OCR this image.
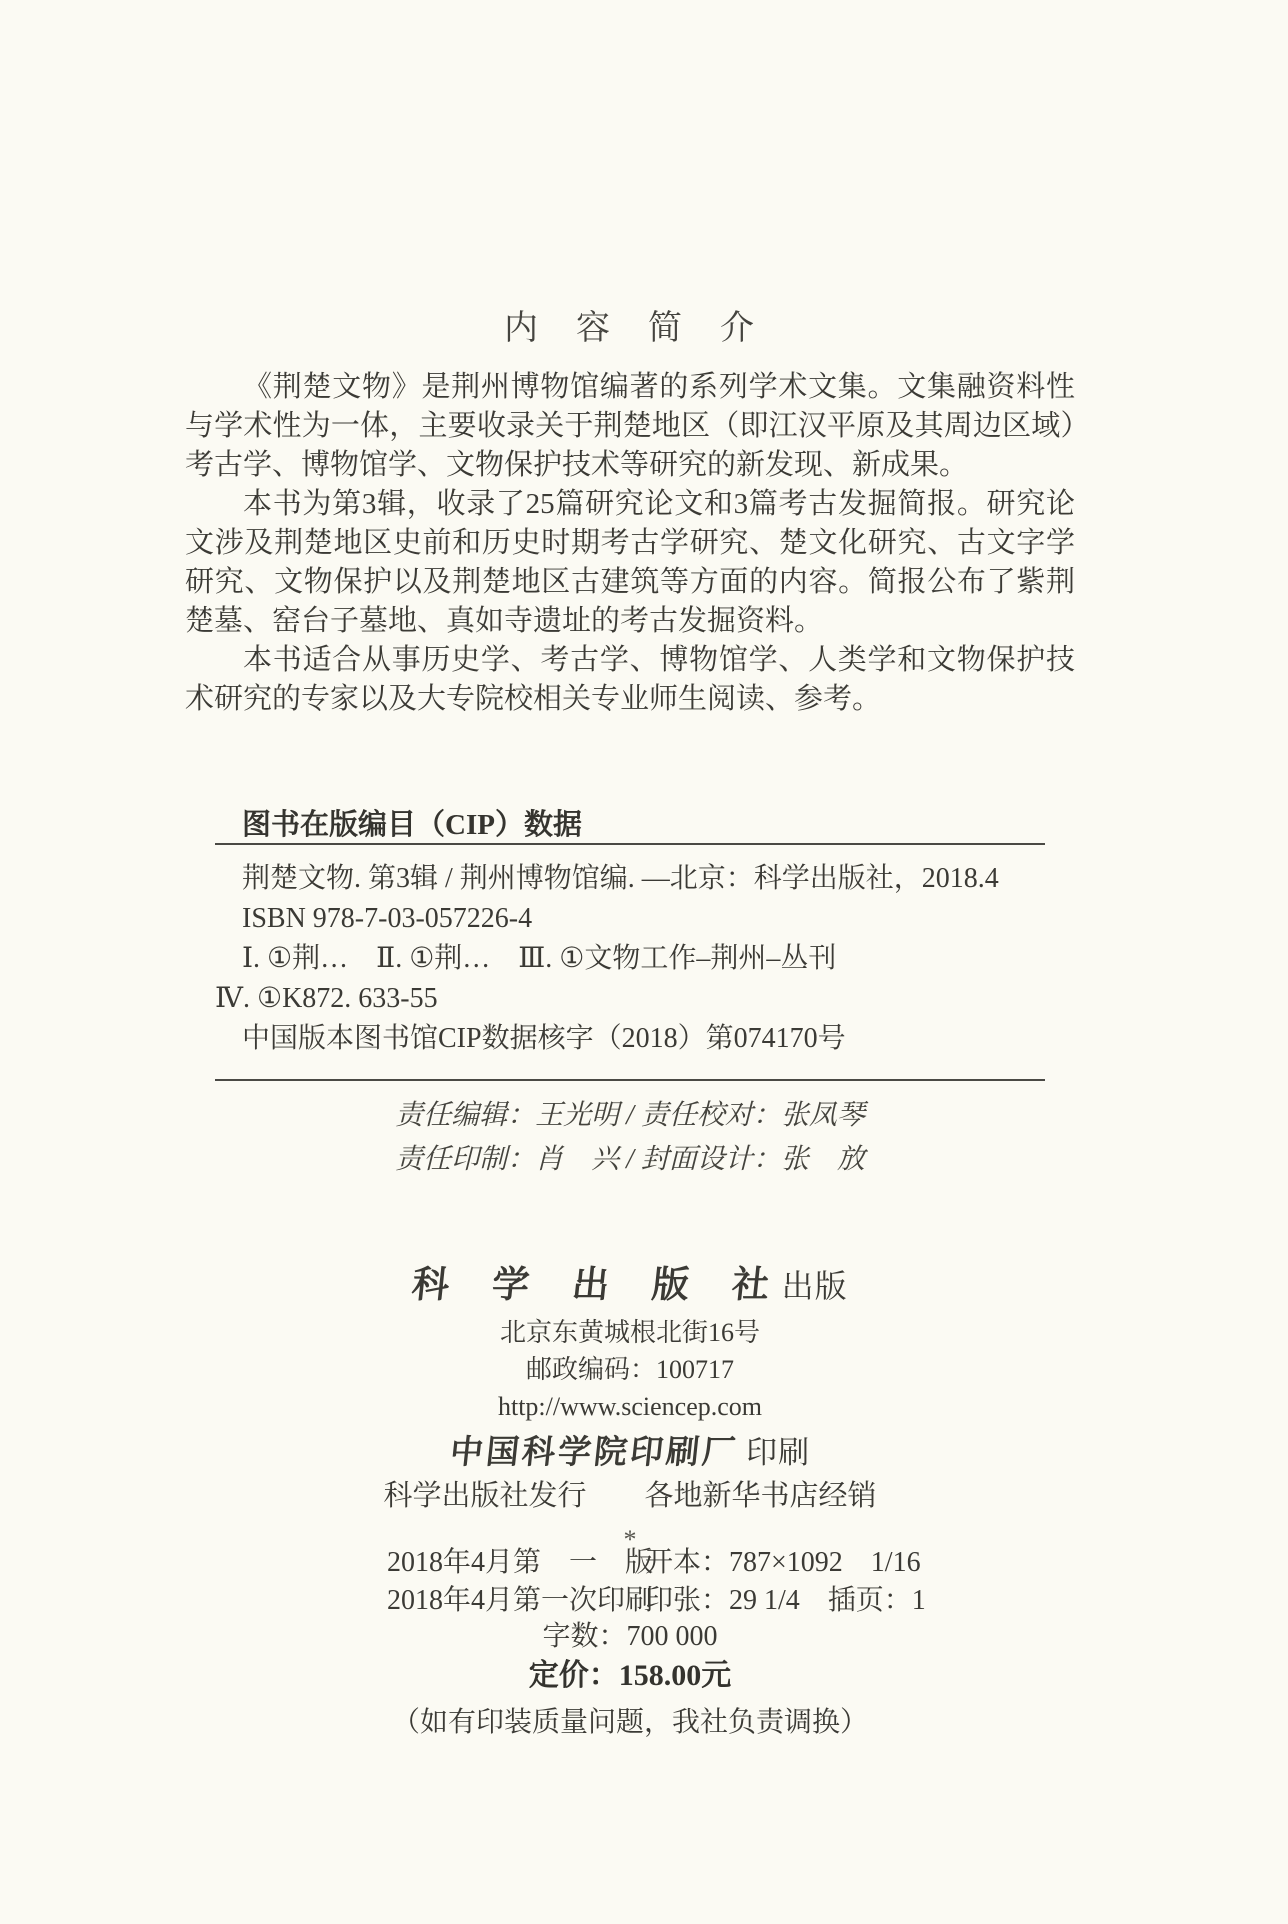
内　容　简　介

《荆楚文物》是荆州博物馆编著的系列学术文集。文集融资料性与学术性为一体，主要收录关于荆楚地区（即江汉平原及其周边区域）考古学、博物馆学、文物保护技术等研究的新发现、新成果。

本书为第3辑，收录了25篇研究论文和3篇考古发掘简报。研究论文涉及荆楚地区史前和历史时期考古学研究、楚文化研究、古文字学研究、文物保护以及荆楚地区古建筑等方面的内容。简报公布了紫荆楚墓、窑台子墓地、真如寺遗址的考古发掘资料。

本书适合从事历史学、考古学、博物馆学、人类学和文物保护技术研究的专家以及大专院校相关专业师生阅读、参考。

图书在版编目（CIP）数据
荆楚文物. 第3辑 / 荆州博物馆编. —北京：科学出版社，2018.4
ISBN 978-7-03-057226-4
Ⅰ. ①荆…　Ⅱ. ①荆…　Ⅲ. ①文物工作–荆州–丛刊
Ⅳ. ①K872. 633-55
中国版本图书馆CIP数据核字（2018）第074170号
责任编辑：王光明 / 责任校对：张凤琴
责任印制：肖　兴 / 封面设计：张　放
科　学　出　版　社 出版
北京东黄城根北街16号
邮政编码：100717
http://www.sciencep.com
中国科学院印刷厂 印刷
科学出版社发行　　各地新华书店经销
*
2018年4月第　一　版
开本：787×1092　1/16
2018年4月第一次印刷
印张：29 1/4　插页：1
字数：700 000
定价：158.00元
（如有印装质量问题，我社负责调换）
